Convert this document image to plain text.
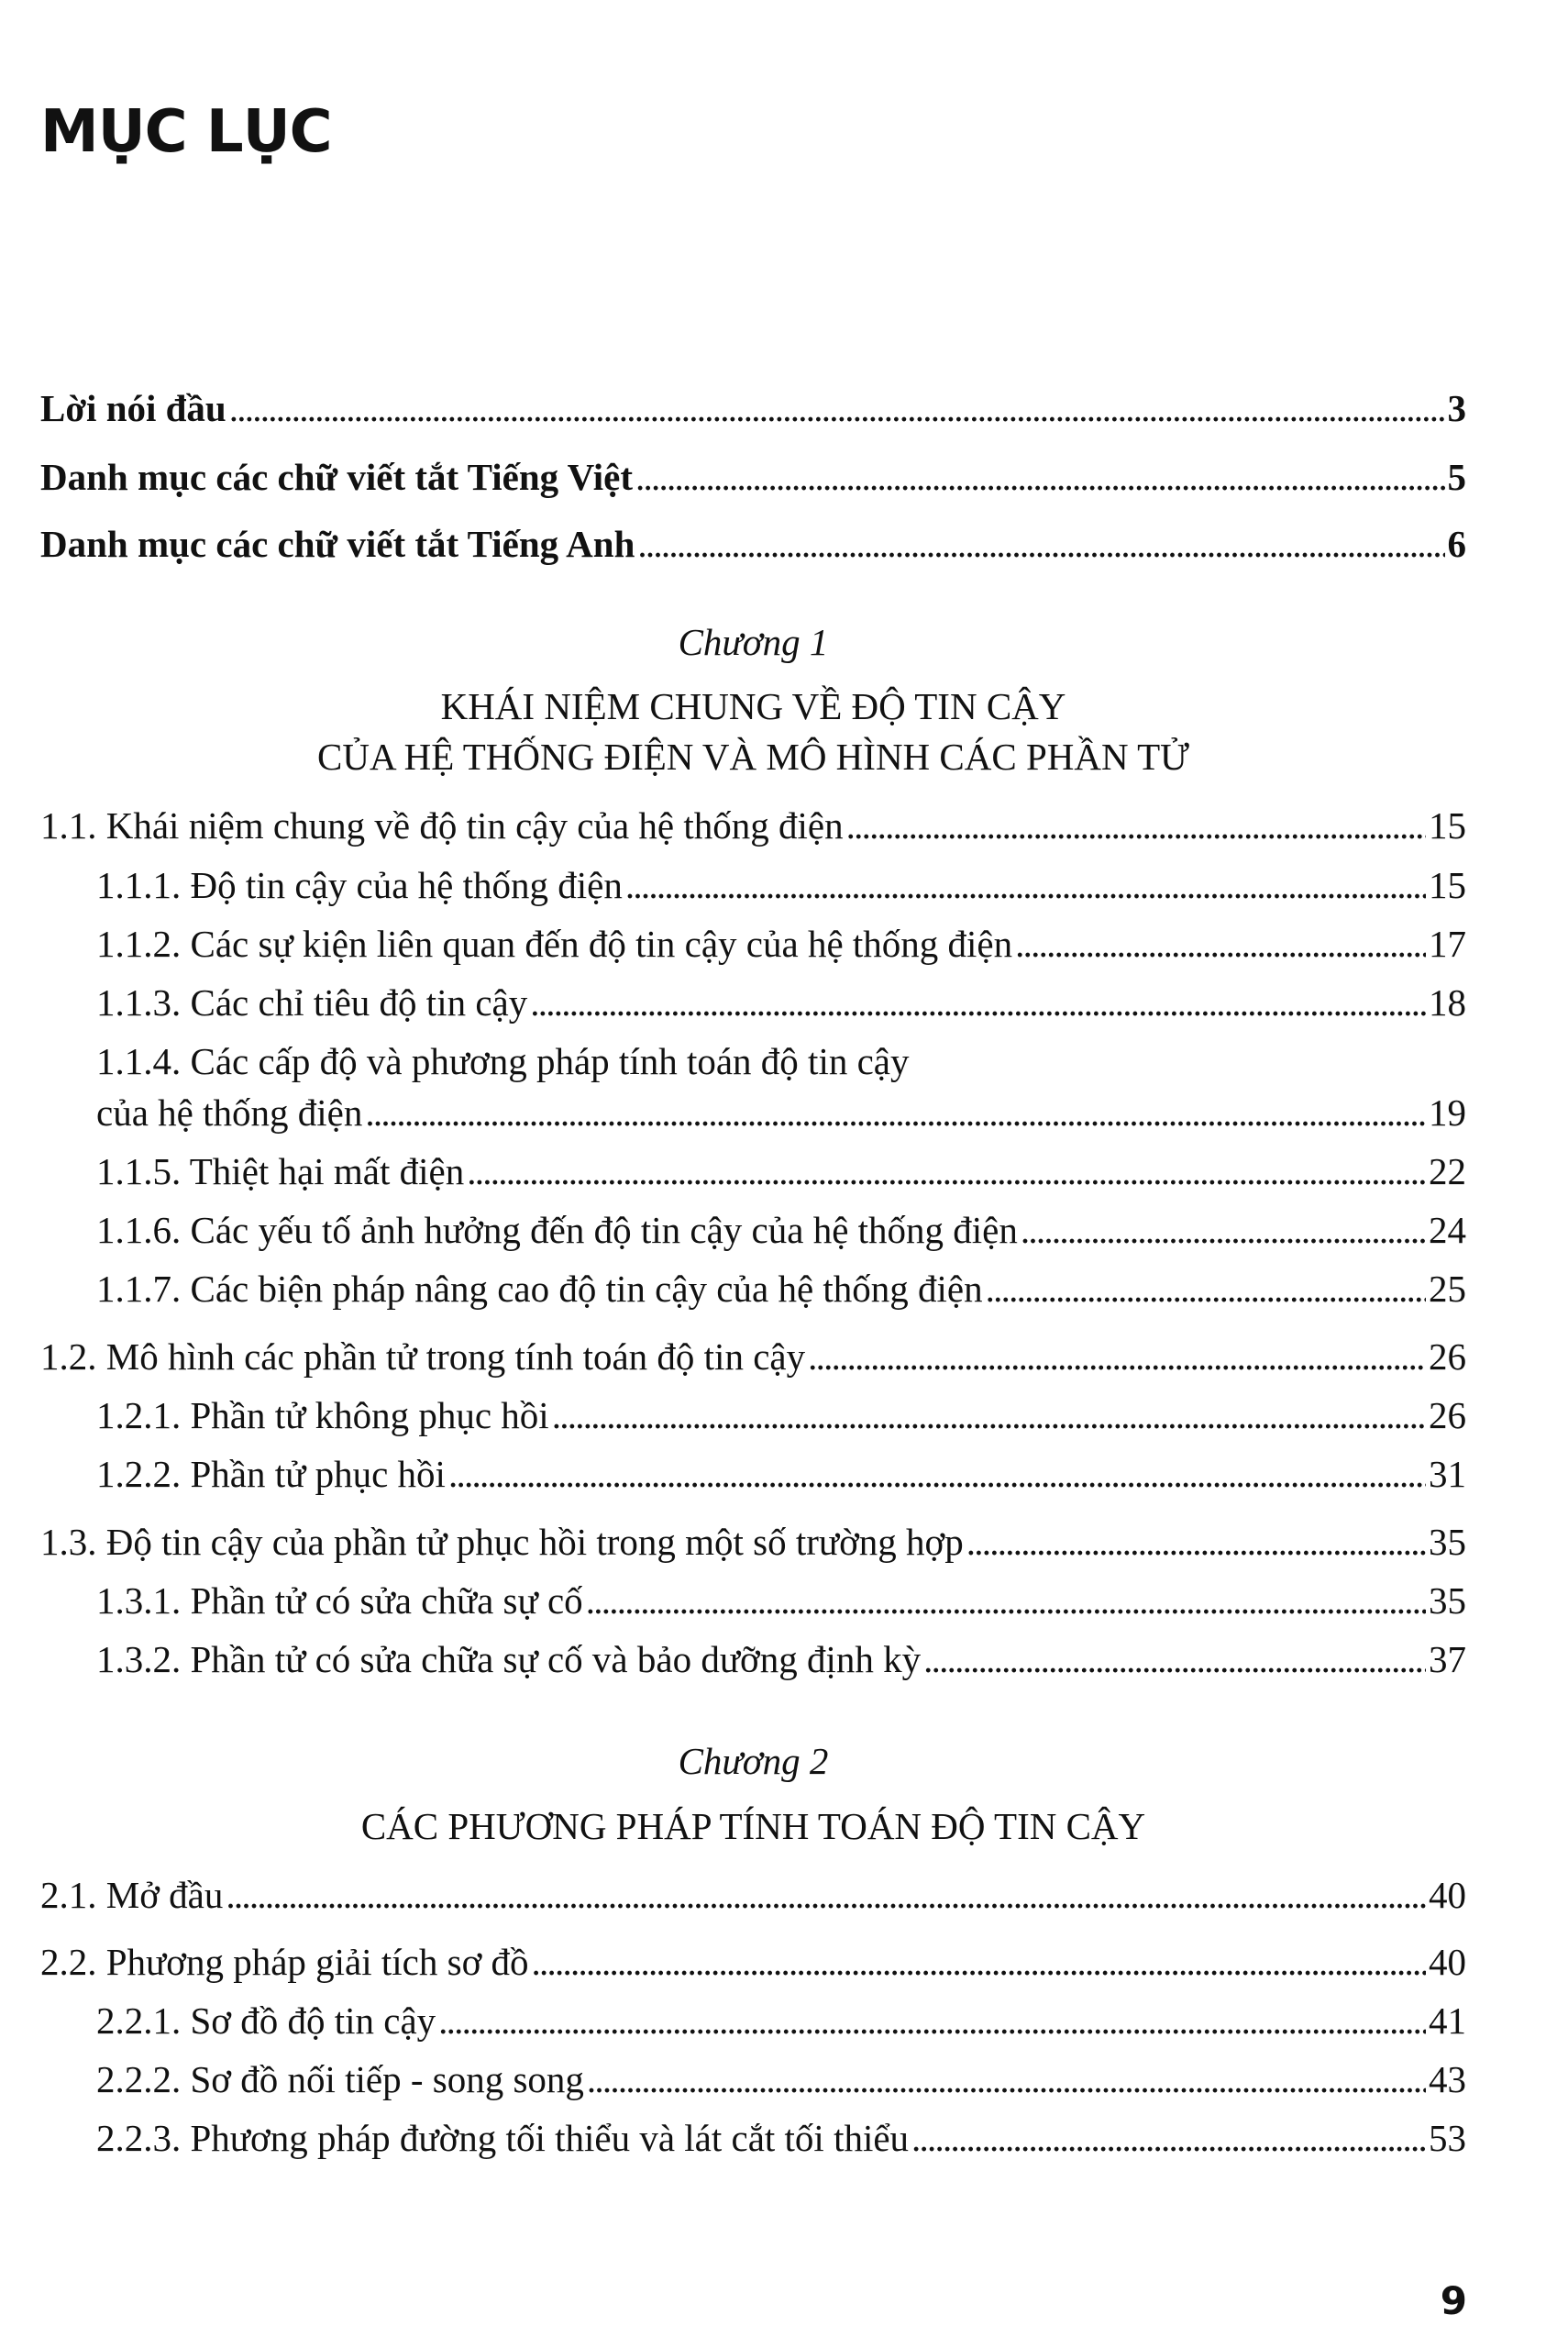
MỤC LỤC
Lời nói đầu . . .	3
Danh mục các chữ viết tắt Tiếng Việt . . .	5
Danh mục các chữ viết tắt Tiếng Anh . . .	6
Chương 1
KHÁI NIỆM CHUNG VỀ ĐỘ TIN CẬY
CỦA HỆ THỐNG ĐIỆN VÀ MÔ HÌNH CÁC PHẦN TỬ
1.1. Khái niệm chung về độ tin cậy của hệ thống điện . . .	15
1.1.1. Độ tin cậy của hệ thống điện . . .	15
1.1.2. Các sự kiện liên quan đến độ tin cậy của hệ thống điện . . .	17
1.1.3. Các chỉ tiêu độ tin cậy . . .	18
1.1.4. Các cấp độ và phương pháp tính toán độ tin cậy
của hệ thống điện . . .	19
1.1.5. Thiệt hại mất điện . . .	22
1.1.6. Các yếu tố ảnh hưởng đến độ tin cậy của hệ thống điện . . .	24
1.1.7. Các biện pháp nâng cao độ tin cậy của hệ thống điện . . .	25
1.2. Mô hình các phần tử trong tính toán độ tin cậy . . .	26
1.2.1. Phần tử không phục hồi . . .	26
1.2.2. Phần tử phục hồi . . .	31
1.3. Độ tin cậy của phần tử phục hồi trong một số trường hợp . . .	35
1.3.1. Phần tử có sửa chữa sự cố . . .	35
1.3.2. Phần tử có sửa chữa sự cố và bảo dưỡng định kỳ . . .	37
Chương 2
CÁC PHƯƠNG PHÁP TÍNH TOÁN ĐỘ TIN CẬY
2.1. Mở đầu . . .	40
2.2. Phương pháp giải tích sơ đồ . . .	40
2.2.1. Sơ đồ độ tin cậy . . .	41
2.2.2. Sơ đồ nối tiếp - song song . . .	43
2.2.3. Phương pháp đường tối thiểu và lát cắt tối thiểu . . .	53
9
